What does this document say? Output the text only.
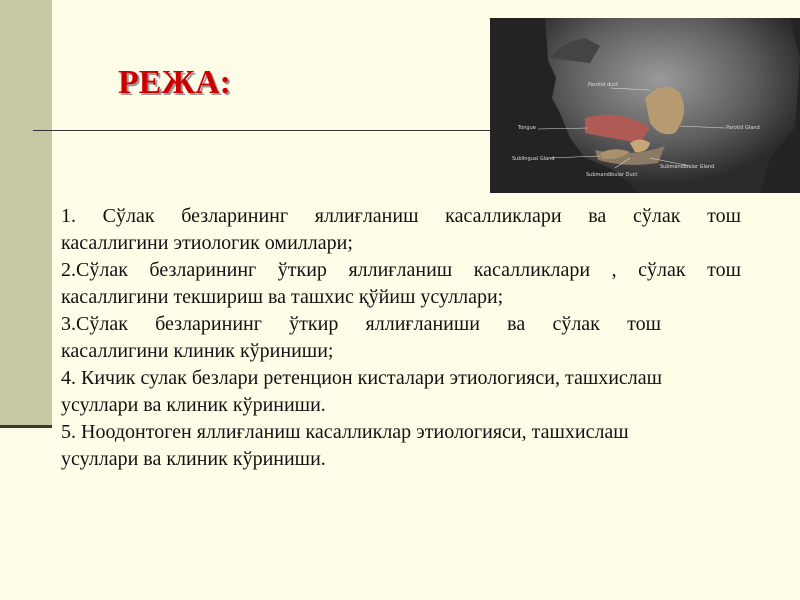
РЕЖА:	Parotid duct
Tongue	Parotid Gland
Sublingual Gland
Submandibular Duct
Submandibular Gland
1. Сўлак безларининг яллиғланиш касалликлари ва сўлак тош
касаллигини этиологик омиллари;
2.Сўлак безларининг ўткир яллиғланиш касалликлари , сўлак тош
касаллигини текшириш ва ташхис қўйиш усуллари;
3.Сўлак безларининг ўткир яллиғланиши ва сўлак тош
касаллигини клиник кўриниши;
4. Кичик сулак безлари ретенцион кисталари этиологияси, ташхислаш
усуллари ва клиник кўриниши.
5. Ноодонтоген яллиғланиш касалликлар этиологияси, ташхислаш
усуллари ва клиник кўриниши.
